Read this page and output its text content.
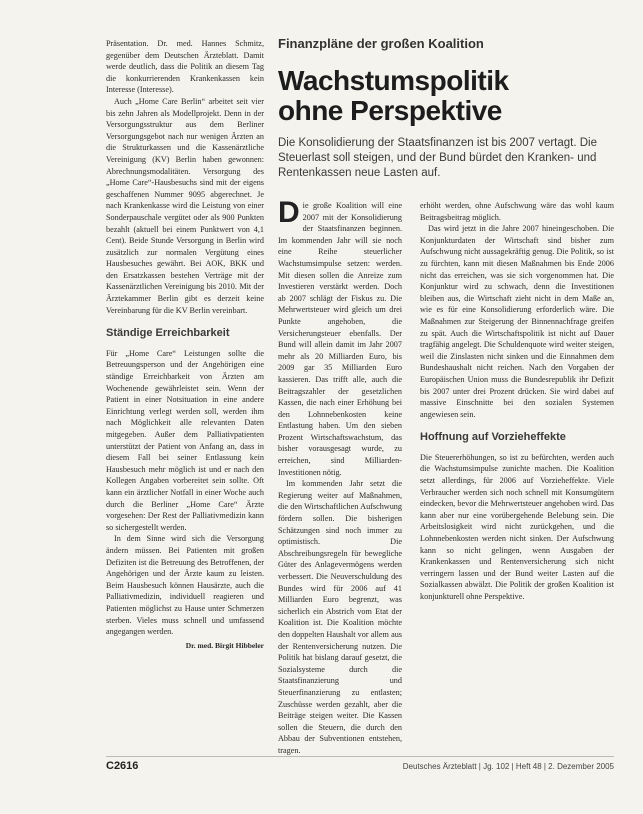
Präsentation. Dr. med. Hannes Schmitz, gegenüber dem Deutschen Ärzteblatt. Damit werde deutlich, dass die Politik an diesem Tag die konkurrierenden Krankenkassen kein Interesse (Interesse).

Auch „Home Care Berlin“ arbeitet seit vier bis zehn Jahren als Modellprojekt. Denn in der Versorgungsstruktur aus dem Berliner Versorgungsgebot nach nur wenigen Ärzten an die Strukturkassen und die Kassenärztliche Vereinigung (KV) Berlin haben gewonnen: Abrechnungsmodalitäten. Versorgung des „Home Care“-Hausbesuchs sind mit der eigens geschaffenen Nummer 9095 abgerechnet. Je nach Krankenkasse wird die Leistung von einer Sonderpauschale vergütet oder als 900 Punkten bezahlt (aktuell bei einem Punktwert von 4,1 Cent). Beide Stunde Versorgung in Berlin wird zusätzlich zur normalen Vergütung eines Hausbesuches gewährt. Bei AOK, BKK und den Ersatzkassen bestehen Verträge mit der Kassenärztlichen Vereinigung bis 2010. Mit der Ärztekammer Berlin gibt es derzeit keine Vereinbarung für die KV Berlin vereinbart.

Ständige Erreichbarkeit

Für „Home Care“ Leistungen sollte die Betreuungsperson und der Angehörigen eine ständige Erreichbarkeit von Ärzten am Wochenende gewährleistet sein. Wenn der Patient in einer Notsituation in eine andere Einrichtung verlegt werden soll, werden ihm nach Möglichkeit alle relevanten Daten mitgegeben. Außer dem Palliativpatienten unterstützt der Patient von Anfang an, dass in diesem Fall bei seiner Entlassung kein Hausbesuch mehr möglich ist und er nach den Kollegen Angaben vorbereitet sein sollte. Oft kann ein ärztlicher Notfall in einer Woche auch durch die Berliner „Home Care“ Ärzte vorgesehen: Der Rest der Palliativmedizin kann so sichergestellt werden.

In dem Sinne wird sich die Versorgung ändern müssen. Bei Patienten mit großen Defiziten ist die Betreuung des Betroffenen, der Angehörigen und der Ärzte kaum zu leisten. Beim Hausbesuch können Hausärzte, auch die Palliativmedizin, individuell reagieren und Patienten möglichst zu Hause unter Schmerzen sterben. Vieles muss schnell und umfassend angegangen werden.

Dr. med. Birgit Hibbeler
Finanzpläne der großen Koalition
Wachstumspolitik
ohne Perspektive
Die Konsolidierung der Staatsfinanzen ist bis 2007 vertagt. Die Steuerlast soll steigen, und der Bund bürdet den Kranken- und Rentenkassen neue Lasten auf.

Die große Koalition will eine 2007 mit der Konsolidierung der Staatsfinanzen beginnen. Im kommenden Jahr will sie noch eine Reihe steuerlicher Wachstumsimpulse setzen: werden. Mit diesen sollen die Anreize zum Investieren verstärkt werden. Doch ab 2007 schlägt der Fiskus zu. Die Mehrwertsteuer wird gleich um drei Punkte angehoben, die Versicherungsteuer ebenfalls. Der Bund will allein damit im Jahr 2007 mehr als 20 Milliarden Euro, bis 2009 gar 35 Milliarden Euro kassieren. Das trifft alle, auch die Beitragszahler der gesetzlichen Kassen, die nach einer Erhöhung bei den Lohnnebenkosten keine Entlastung haben. Um den sieben Prozent Wirtschaftswachstum, das bisher vorausgesagt wurde, zu erreichen, sind Milliarden-Investitionen nötig.

Im kommenden Jahr setzt die Regierung weiter auf Maßnahmen, die den Wirtschaftlichen Aufschwung fördern sollen. Die bisherigen Schätzungen sind noch immer zu optimistisch. Die Abschreibungsregeln für bewegliche Güter des Anlagevermögens werden verbessert. Die Neuverschuldung des Bundes wird für 2006 auf 41 Milliarden Euro begrenzt, was sicherlich ein Abstrich vom Etat der Koalition ist. Die Koalition möchte den doppelten Haushalt vor allem aus der Rentenversicherung nutzen. Die Politik hat bislang darauf gesetzt, die Sozialsysteme durch die Staatsfinanzierung und Steuerfinanzierung zu entlasten; Zuschüsse werden gezahlt, aber die Beiträge steigen weiter. Die Kassen sollen die Steuern, die durch den Abbau der Subventionen entstehen, tragen.

erhöht werden, ohne Aufschwung wäre das wohl kaum Beitragsbeitrag möglich.

Das wird jetzt in die Jahre 2007 hineingeschoben. Die Konjunkturdaten der Wirtschaft sind bisher zum Aufschwung nicht aussagekräftig genug. Die Politik, so ist zu fürchten, kann mit diesen Maßnahmen bis Ende 2006 nicht das erreichen, was sie sich vorgenommen hat. Die Konjunktur wird zu schwach, denn die Investitionen bleiben aus, die Wirtschaft zieht nicht in dem Maße an, wie es für eine Konsolidierung erforderlich wäre. Die Maßnahmen zur Steigerung der Binnennachfrage greifen zu spät. Auch die Wirtschaftspolitik ist nicht auf Dauer tragfähig angelegt. Die Schuldenquote wird weiter steigen, weil die Zinslasten nicht sinken und die Einnahmen dem Bundeshaushalt nicht reichen. Nach den Vorgaben der Europäischen Union muss die Bundesrepublik ihr Defizit bis 2007 unter drei Prozent drücken. Sie wird dabei auf massive Einschnitte bei den sozialen Systemen angewiesen sein.

Hoffnung auf Vorzieheffekte

Die Steuererhöhungen, so ist zu befürchten, werden auch die Wachstumsimpulse zunichte machen. Die Koalition setzt allerdings, für 2006 auf Vorzieheffekte. Viele Verbraucher werden sich noch schnell mit Konsumgütern eindecken, bevor die Mehrwertsteuer angehoben wird. Das kann aber nur eine vorübergehende Belebung sein. Die Arbeitslosigkeit wird nicht zurückgehen, und die Lohnnebenkosten werden nicht sinken. Der Aufschwung kann so nicht gelingen, wenn Ausgaben der Krankenkassen und Rentenversicherung sich nicht verringern lassen und der Bund weiter Lasten auf die Sozialkassen abwälzt. Die Politik der großen Koalition ist konjunkturell ohne Perspektive.

C2616	Deutsches Ärzteblatt | Jg. 102 | Heft 48 | 2. Dezember 2005
